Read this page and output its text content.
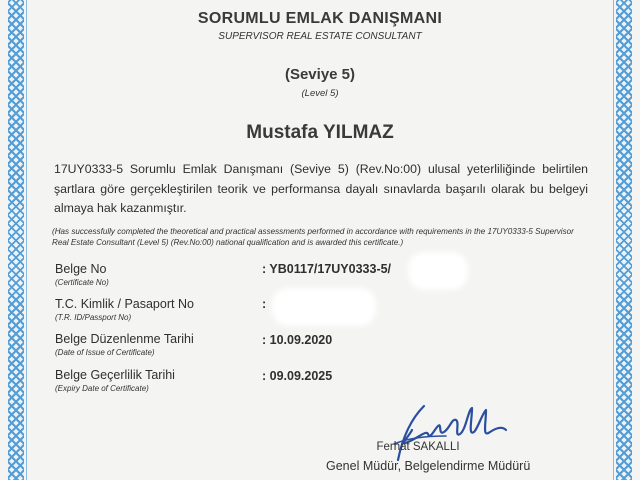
SORUMLU EMLAK DANIŞMANI
SUPERVISOR REAL ESTATE CONSULTANT
(Seviye 5)
(Level 5)
Mustafa YILMAZ
17UY0333-5 Sorumlu Emlak Danışmanı (Seviye 5) (Rev.No:00) ulusal yeterliliğinde belirtilen şartlara göre gerçekleştirilen teorik ve performansa dayalı sınavlarda başarılı olarak bu belgeyi almaya hak kazanmıştır.
(Has successfully completed the theoretical and practical assessments performed in accordance with requirements in the 17UY0333-5 Supervisor Real Estate Consultant (Level 5) (Rev.No:00) national qualification and is awarded this certificate.)
Belge No
(Certificate No)
: YB0117/17UY0333-5/
T.C. Kimlik / Pasaport No
(T.R. ID/Passport No)
:
Belge Düzenlenme Tarihi
(Date of Issue of Certificate)
: 10.09.2020
Belge Geçerlilik Tarihi
(Expiry Date of Certificate)
: 09.09.2025
Ferhat SAKALLI
Genel Müdür, Belgelendirme Müdürü
